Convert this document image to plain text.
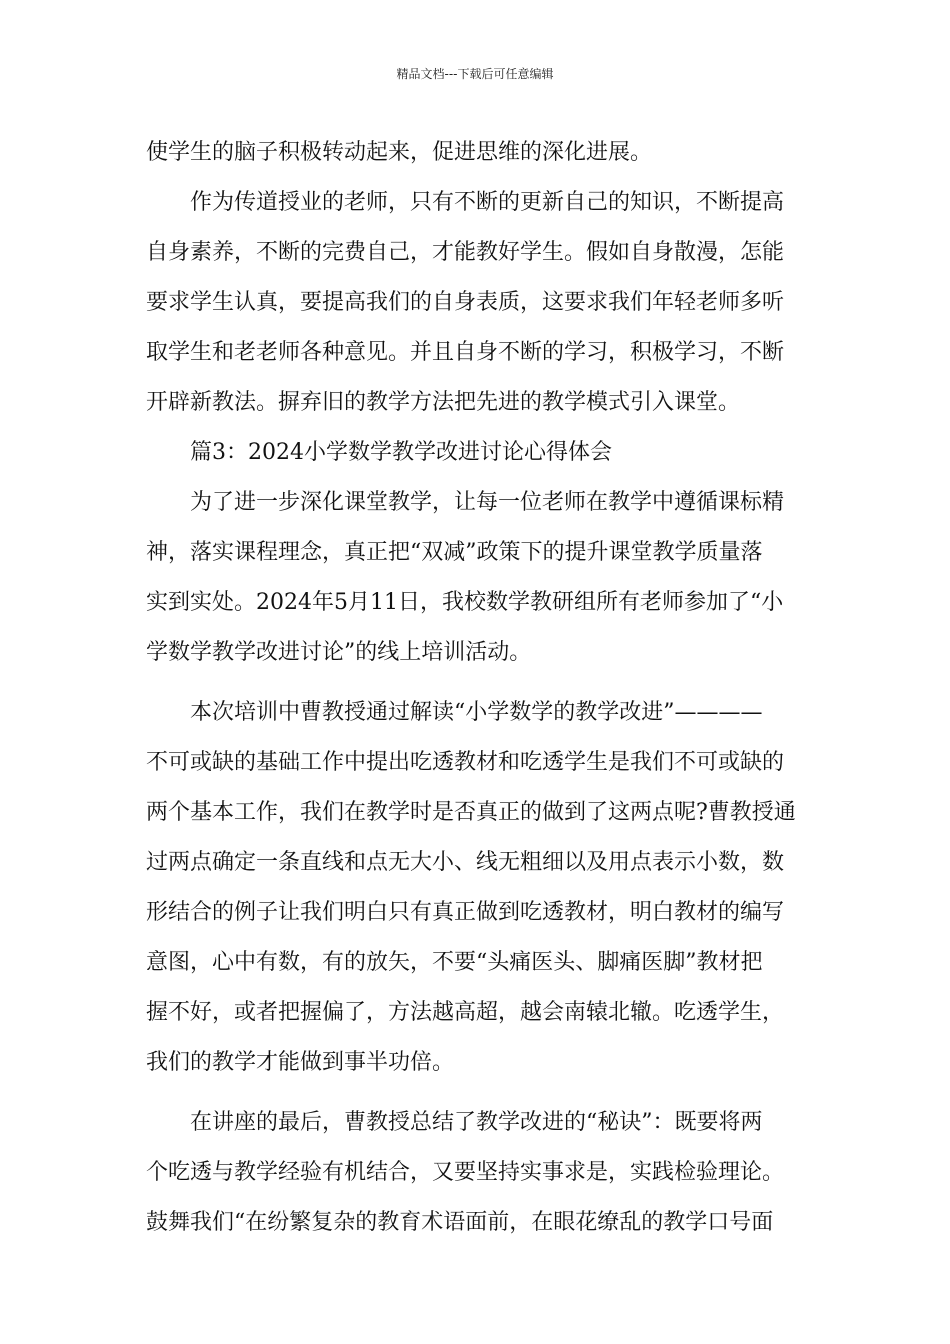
精品文档---下载后可任意编辑
使学生的脑子积极转动起来，促进思维的深化进展。
作为传道授业的老师，只有不断的更新自己的知识，不断提高
自身素养，不断的完费自己，才能教好学生。假如自身散漫，怎能
要求学生认真，要提高我们的自身表质，这要求我们年轻老师多听
取学生和老老师各种意见。并且自身不断的学习，积极学习，不断
开辟新教法。摒弃旧的教学方法把先进的教学模式引入课堂。
篇3：2024小学数学教学改进讨论心得体会
为了进一步深化课堂教学，让每一位老师在教学中遵循课标精
神，落实课程理念，真正把“双减”政策下的提升课堂教学质量落
实到实处。2024年5月11日，我校数学教研组所有老师参加了“小
学数学教学改进讨论”的线上培训活动。
本次培训中曹教授通过解读“小学数学的教学改进”————
不可或缺的基础工作中提出吃透教材和吃透学生是我们不可或缺的
两个基本工作，我们在教学时是否真正的做到了这两点呢?曹教授通
过两点确定一条直线和点无大小、线无粗细以及用点表示小数，数
形结合的例子让我们明白只有真正做到吃透教材，明白教材的编写
意图，心中有数，有的放矢，不要“头痛医头、脚痛医脚”教材把
握不好，或者把握偏了，方法越高超，越会南辕北辙。吃透学生，
我们的教学才能做到事半功倍。
在讲座的最后，曹教授总结了教学改进的“秘诀”：既要将两
个吃透与教学经验有机结合，又要坚持实事求是，实践检验理论。
鼓舞我们“在纷繁复杂的教育术语面前，在眼花缭乱的教学口号面
